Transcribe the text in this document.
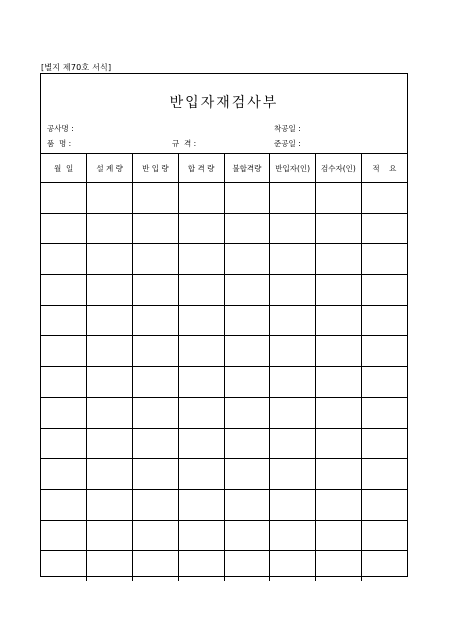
[별지 제70호 서식]
반입자재검사부
공사명 :	착공일 :
품  명 :	규  격 :	준공일 :
월  일	설 계 량	반 입 량	합 격 량	불합격량	반입자(인)	검수자(인)	적    요
